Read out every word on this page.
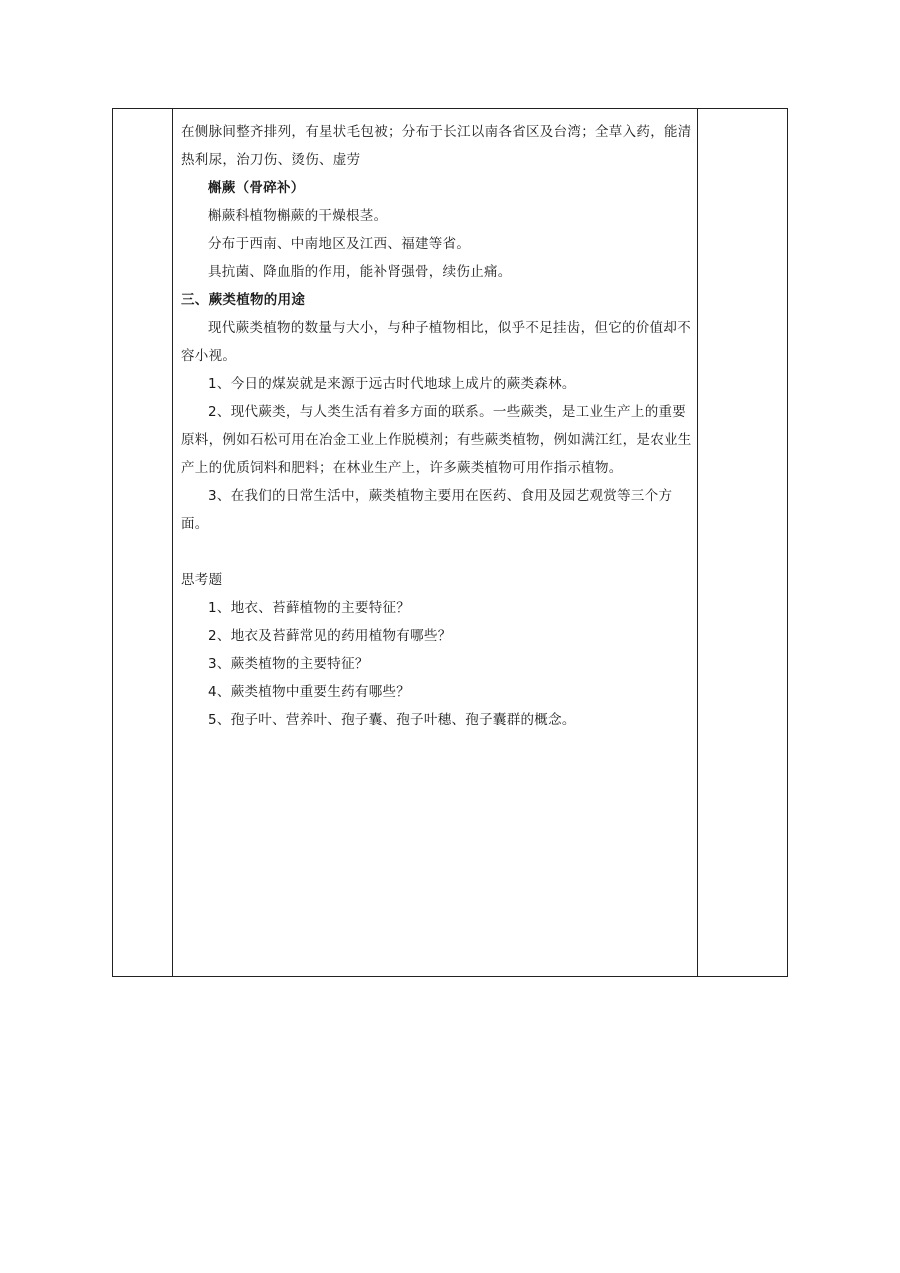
在侧脉间整齐排列，有星状毛包被；分布于长江以南各省区及台湾；全草入药，能清热利尿，治刀伤、烫伤、虚劳

槲蕨（骨碎补）

槲蕨科植物槲蕨的干燥根茎。

分布于西南、中南地区及江西、福建等省。

具抗菌、降血脂的作用，能补肾强骨，续伤止痛。

三、蕨类植物的用途

现代蕨类植物的数量与大小，与种子植物相比，似乎不足挂齿，但它的价值却不容小视。

1、今日的煤炭就是来源于远古时代地球上成片的蕨类森林。

2、现代蕨类，与人类生活有着多方面的联系。一些蕨类，是工业生产上的重要原料，例如石松可用在冶金工业上作脱模剂；有些蕨类植物，例如满江红，是农业生产上的优质饲料和肥料；在林业生产上，许多蕨类植物可用作指示植物。

3、在我们的日常生活中，蕨类植物主要用在医药、食用及园艺观赏等三个方面。

思考题

1、地衣、苔藓植物的主要特征？

2、地衣及苔藓常见的药用植物有哪些？

3、蕨类植物的主要特征？

4、蕨类植物中重要生药有哪些？

5、孢子叶、营养叶、孢子囊、孢子叶穗、孢子囊群的概念。
